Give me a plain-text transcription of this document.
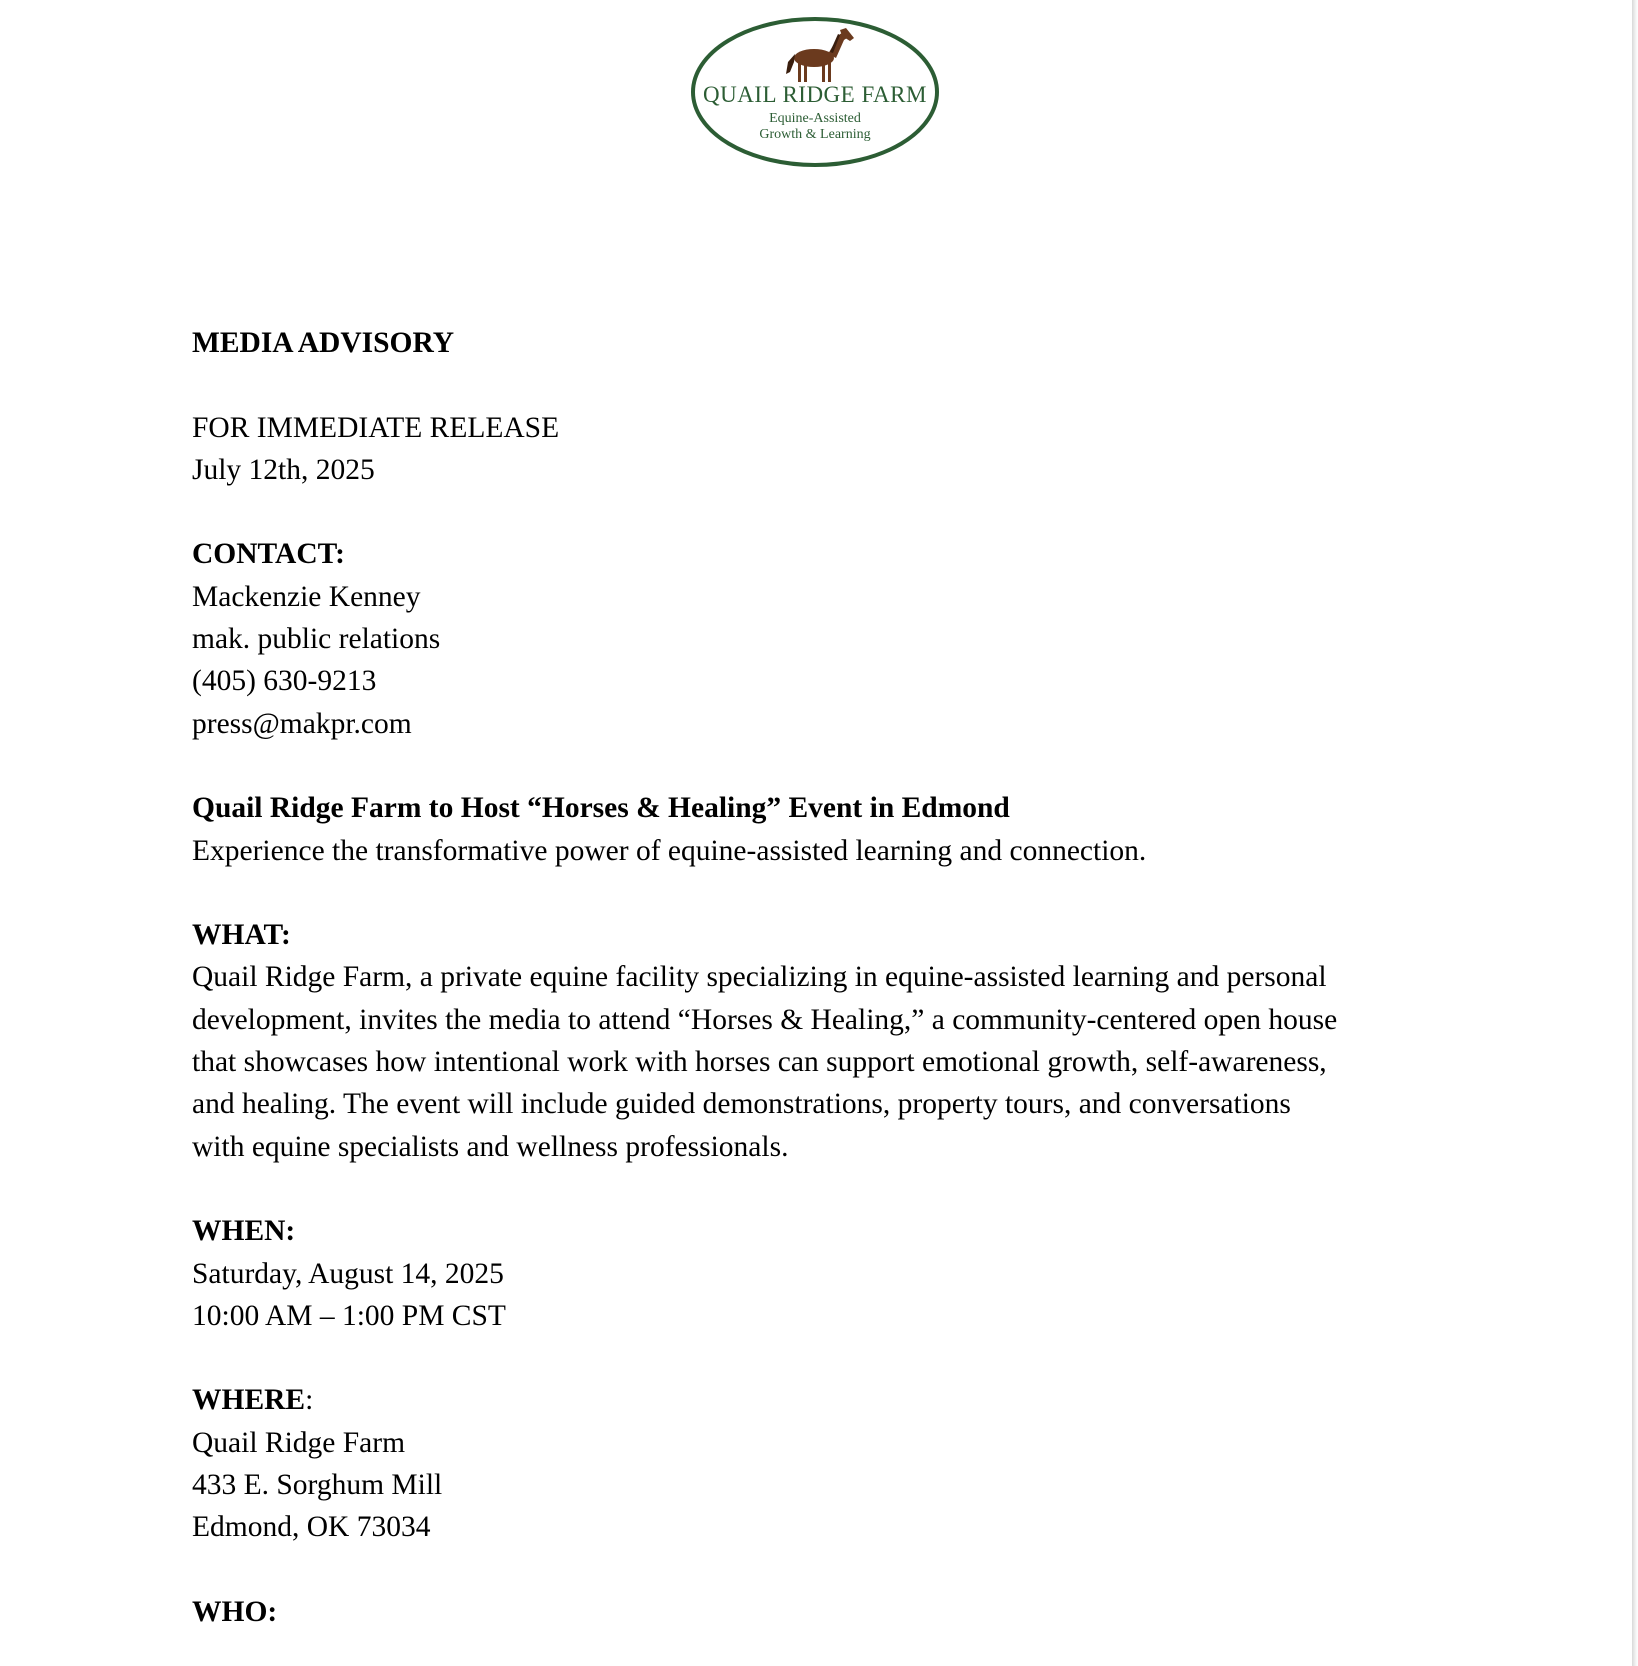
QUAIL RIDGE FARM
Equine-Assisted
Growth & Learning
MEDIA ADVISORY
FOR IMMEDIATE RELEASE
July 12th, 2025
CONTACT:
Mackenzie Kenney
mak. public relations
(405) 630-9213
press@makpr.com
Quail Ridge Farm to Host “Horses & Healing” Event in Edmond
Experience the transformative power of equine-assisted learning and connection.
WHAT:
Quail Ridge Farm, a private equine facility specializing in equine-assisted learning and personal
development, invites the media to attend “Horses & Healing,” a community-centered open house
that showcases how intentional work with horses can support emotional growth, self-awareness,
and healing. The event will include guided demonstrations, property tours, and conversations
with equine specialists and wellness professionals.
WHEN:
Saturday, August 14, 2025
10:00 AM – 1:00 PM CST
WHERE:
Quail Ridge Farm
433 E. Sorghum Mill
Edmond, OK 73034
WHO:
